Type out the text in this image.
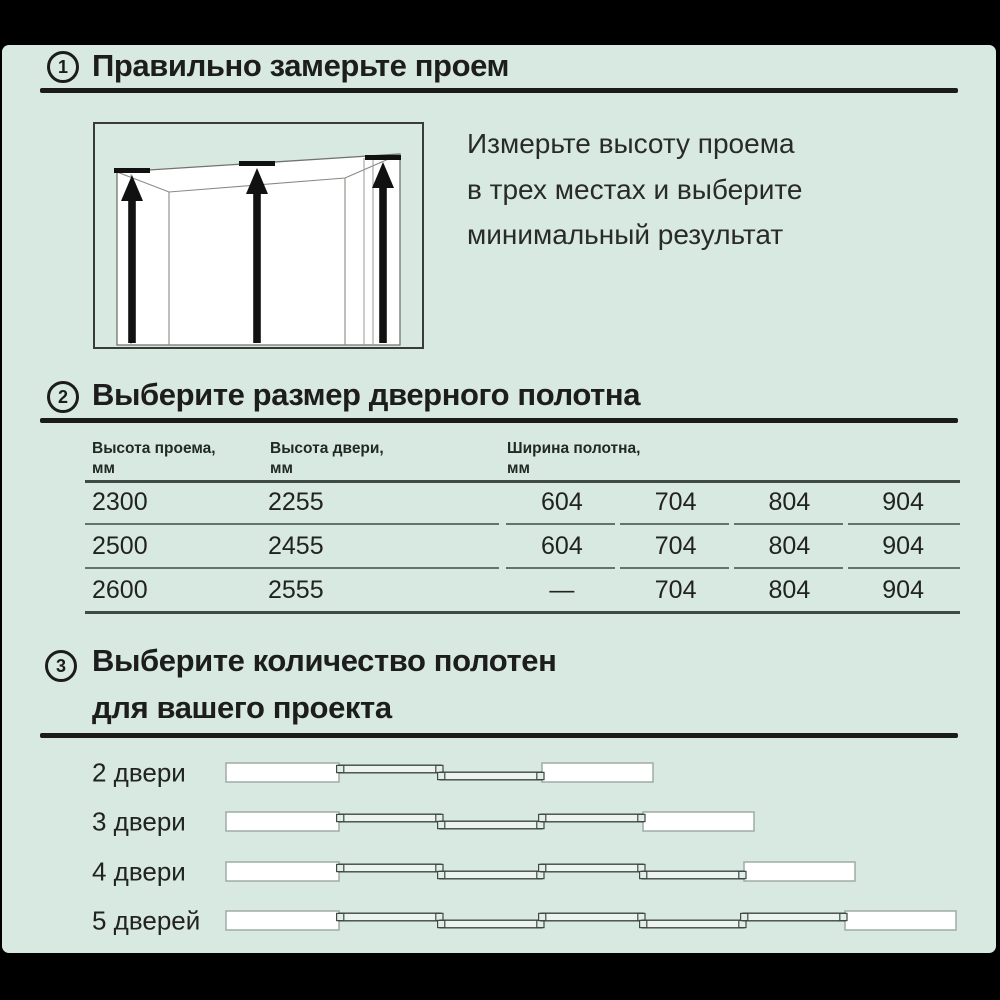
1 Правильно замерьте проем
Измерьте высоту проема
в трех местах и выберите
минимальный результат
2 Выберите размер дверного полотна
Высота проема,
мм
Высота двери,
мм
Ширина полотна,
мм
2300	2255	604	704	804	904
2500	2455	604	704	804	904
2600	2555	—	704	804	904
3 Выберите количество полотен
для вашего проекта
2 двери
3 двери
4 двери
5 дверей
